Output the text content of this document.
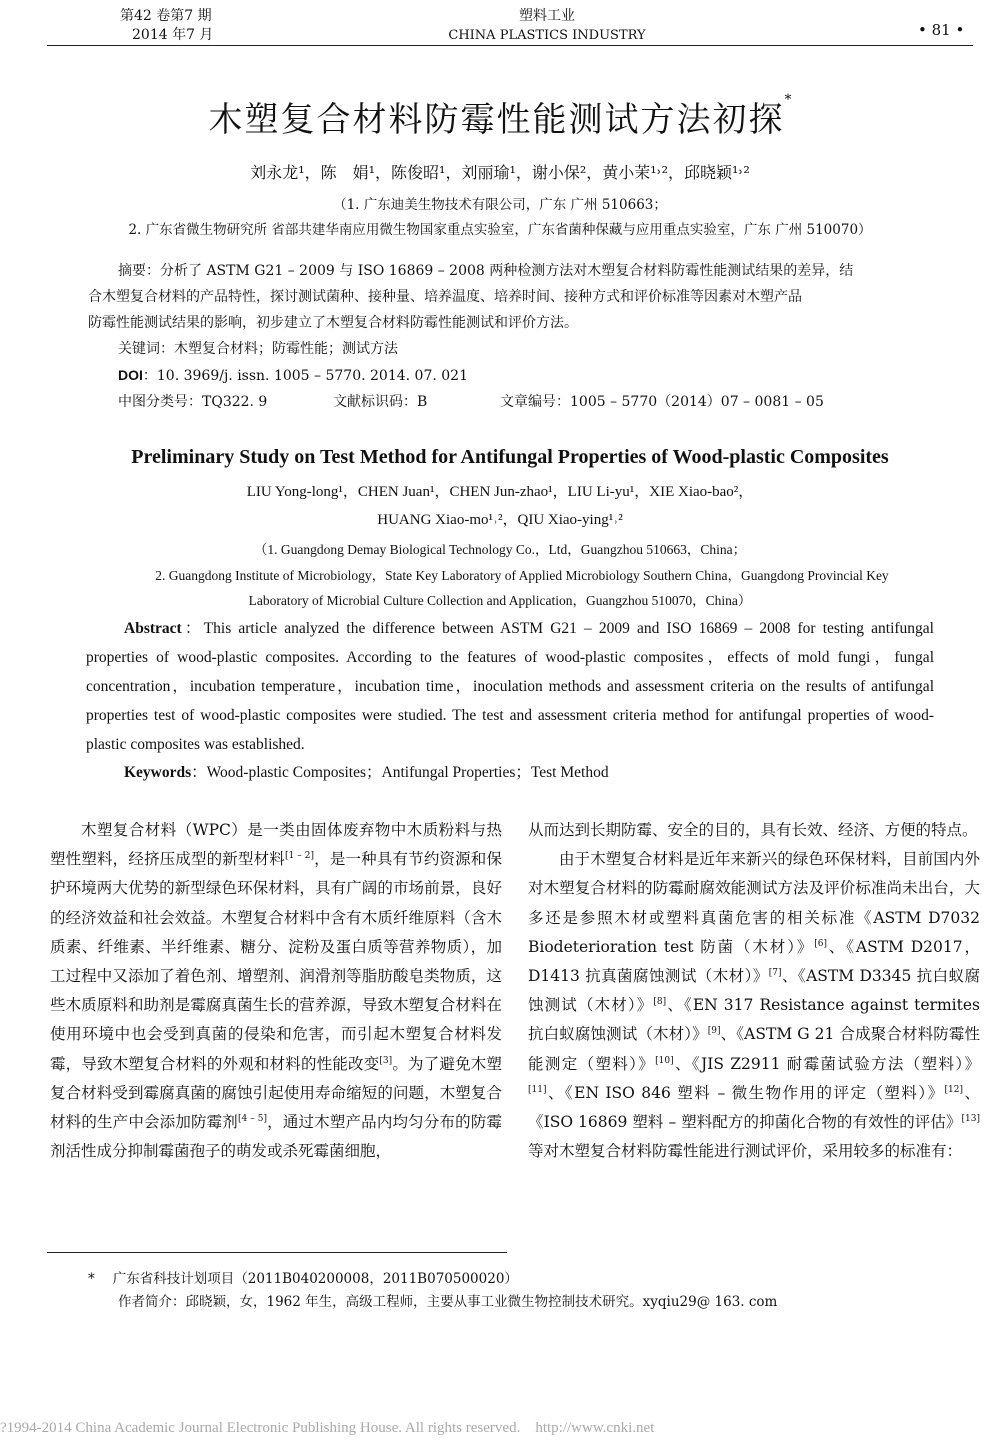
第42 卷第7 期
2014 年7 月
塑料工业
CHINA PLASTICS INDUSTRY	• 81 •
木塑复合材料防霉性能测试方法初探*
刘永龙¹，陈　娟¹，陈俊昭¹，刘丽瑜¹，谢小保²，黄小茉¹˒²，邱晓颖¹˒²
（1. 广东迪美生物技术有限公司，广东 广州 510663；
2. 广东省微生物研究所 省部共建华南应用微生物国家重点实验室，广东省菌种保藏与应用重点实验室，广东 广州 510070）
摘要：分析了 ASTM G21 – 2009 与 ISO 16869 – 2008 两种检测方法对木塑复合材料防霉性能测试结果的差异，结
合木塑复合材料的产品特性，探讨测试菌种、接种量、培养温度、培养时间、接种方式和评价标准等因素对木塑产品
防霉性能测试结果的影响，初步建立了木塑复合材料防霉性能测试和评价方法。
关键词：木塑复合材料；防霉性能；测试方法
DOI：10. 3969/j. issn. 1005 – 5770. 2014. 07. 021
中图分类号：TQ322. 9	文献标识码：B	文章编号：1005 – 5770（2014）07 – 0081 – 05
Preliminary Study on Test Method for Antifungal Properties of Wood-plastic Composites
LIU Yong-long¹，CHEN Juan¹，CHEN Jun-zhao¹，LIU Li-yu¹，XIE Xiao-bao²，
HUANG Xiao-mo¹˒²，QIU Xiao-ying¹˒²
（1. Guangdong Demay Biological Technology Co.，Ltd，Guangzhou 510663，China；
2. Guangdong Institute of Microbiology，State Key Laboratory of Applied Microbiology Southern China，Guangdong Provincial Key
Laboratory of Microbial Culture Collection and Application，Guangzhou 510070，China）
Abstract：This article analyzed the difference between ASTM G21 – 2009 and ISO 16869 – 2008 for testing antifungal properties of wood-plastic composites. According to the features of wood-plastic composites，effects of mold fungi，fungal concentration，incubation temperature，incubation time，inoculation methods and assessment criteria on the results of antifungal properties test of wood-plastic composites were studied. The test and assessment criteria method for antifungal properties of wood-plastic composites was established.
Keywords：Wood-plastic Composites；Antifungal Properties；Test Method

木塑复合材料（WPC）是一类由固体废弃物中木质粉料与热塑性塑料，经挤压成型的新型材料[1 – 2]，是一种具有节约资源和保护环境两大优势的新型绿色环保材料，具有广阔的市场前景，良好的经济效益和社会效益。木塑复合材料中含有木质纤维原料（含木质素、纤维素、半纤维素、糖分、淀粉及蛋白质等营养物质），加工过程中又添加了着色剂、增塑剂、润滑剂等脂肪酸皂类物质，这些木质原料和助剂是霉腐真菌生长的营养源，导致木塑复合材料在使用环境中也会受到真菌的侵染和危害，而引起木塑复合材料发霉，导致木塑复合材料的外观和材料的性能改变[3]。为了避免木塑复合材料受到霉腐真菌的腐蚀引起使用寿命缩短的问题，木塑复合材料的生产中会添加防霉剂[4 – 5]，通过木塑产品内均匀分布的防霉剂活性成分抑制霉菌孢子的萌发或杀死霉菌细胞，

从而达到长期防霉、安全的目的，具有长效、经济、方便的特点。

由于木塑复合材料是近年来新兴的绿色环保材料，目前国内外对木塑复合材料的防霉耐腐效能测试方法及评价标准尚未出台，大多还是参照木材或塑料真菌危害的相关标准《ASTM D7032 Biodeterioration test 防菌（木材）》[6]、《ASTM D2017，D1413 抗真菌腐蚀测试（木材）》[7]、《ASTM D3345 抗白蚁腐蚀测试（木材）》[8]、《EN 317 Resistance against termites 抗白蚁腐蚀测试（木材）》[9]、《ASTM G 21 合成聚合材料防霉性能测定（塑料）》[10]、《JIS Z2911 耐霉菌试验方法（塑料）》[11]、《EN ISO 846 塑料 – 微生物作用的评定（塑料）》[12]、《ISO 16869 塑料 – 塑料配方的抑菌化合物的有效性的评估》[13]等对木塑复合材料防霉性能进行测试评价，采用较多的标准有：

* 广东省科技计划项目（2011B040200008，2011B070500020）
作者简介：邱晓颖，女，1962 年生，高级工程师，主要从事工业微生物控制技术研究。xyqiu29@ 163. com
?1994-2014 China Academic Journal Electronic Publishing House. All rights reserved.    http://www.cnki.net
